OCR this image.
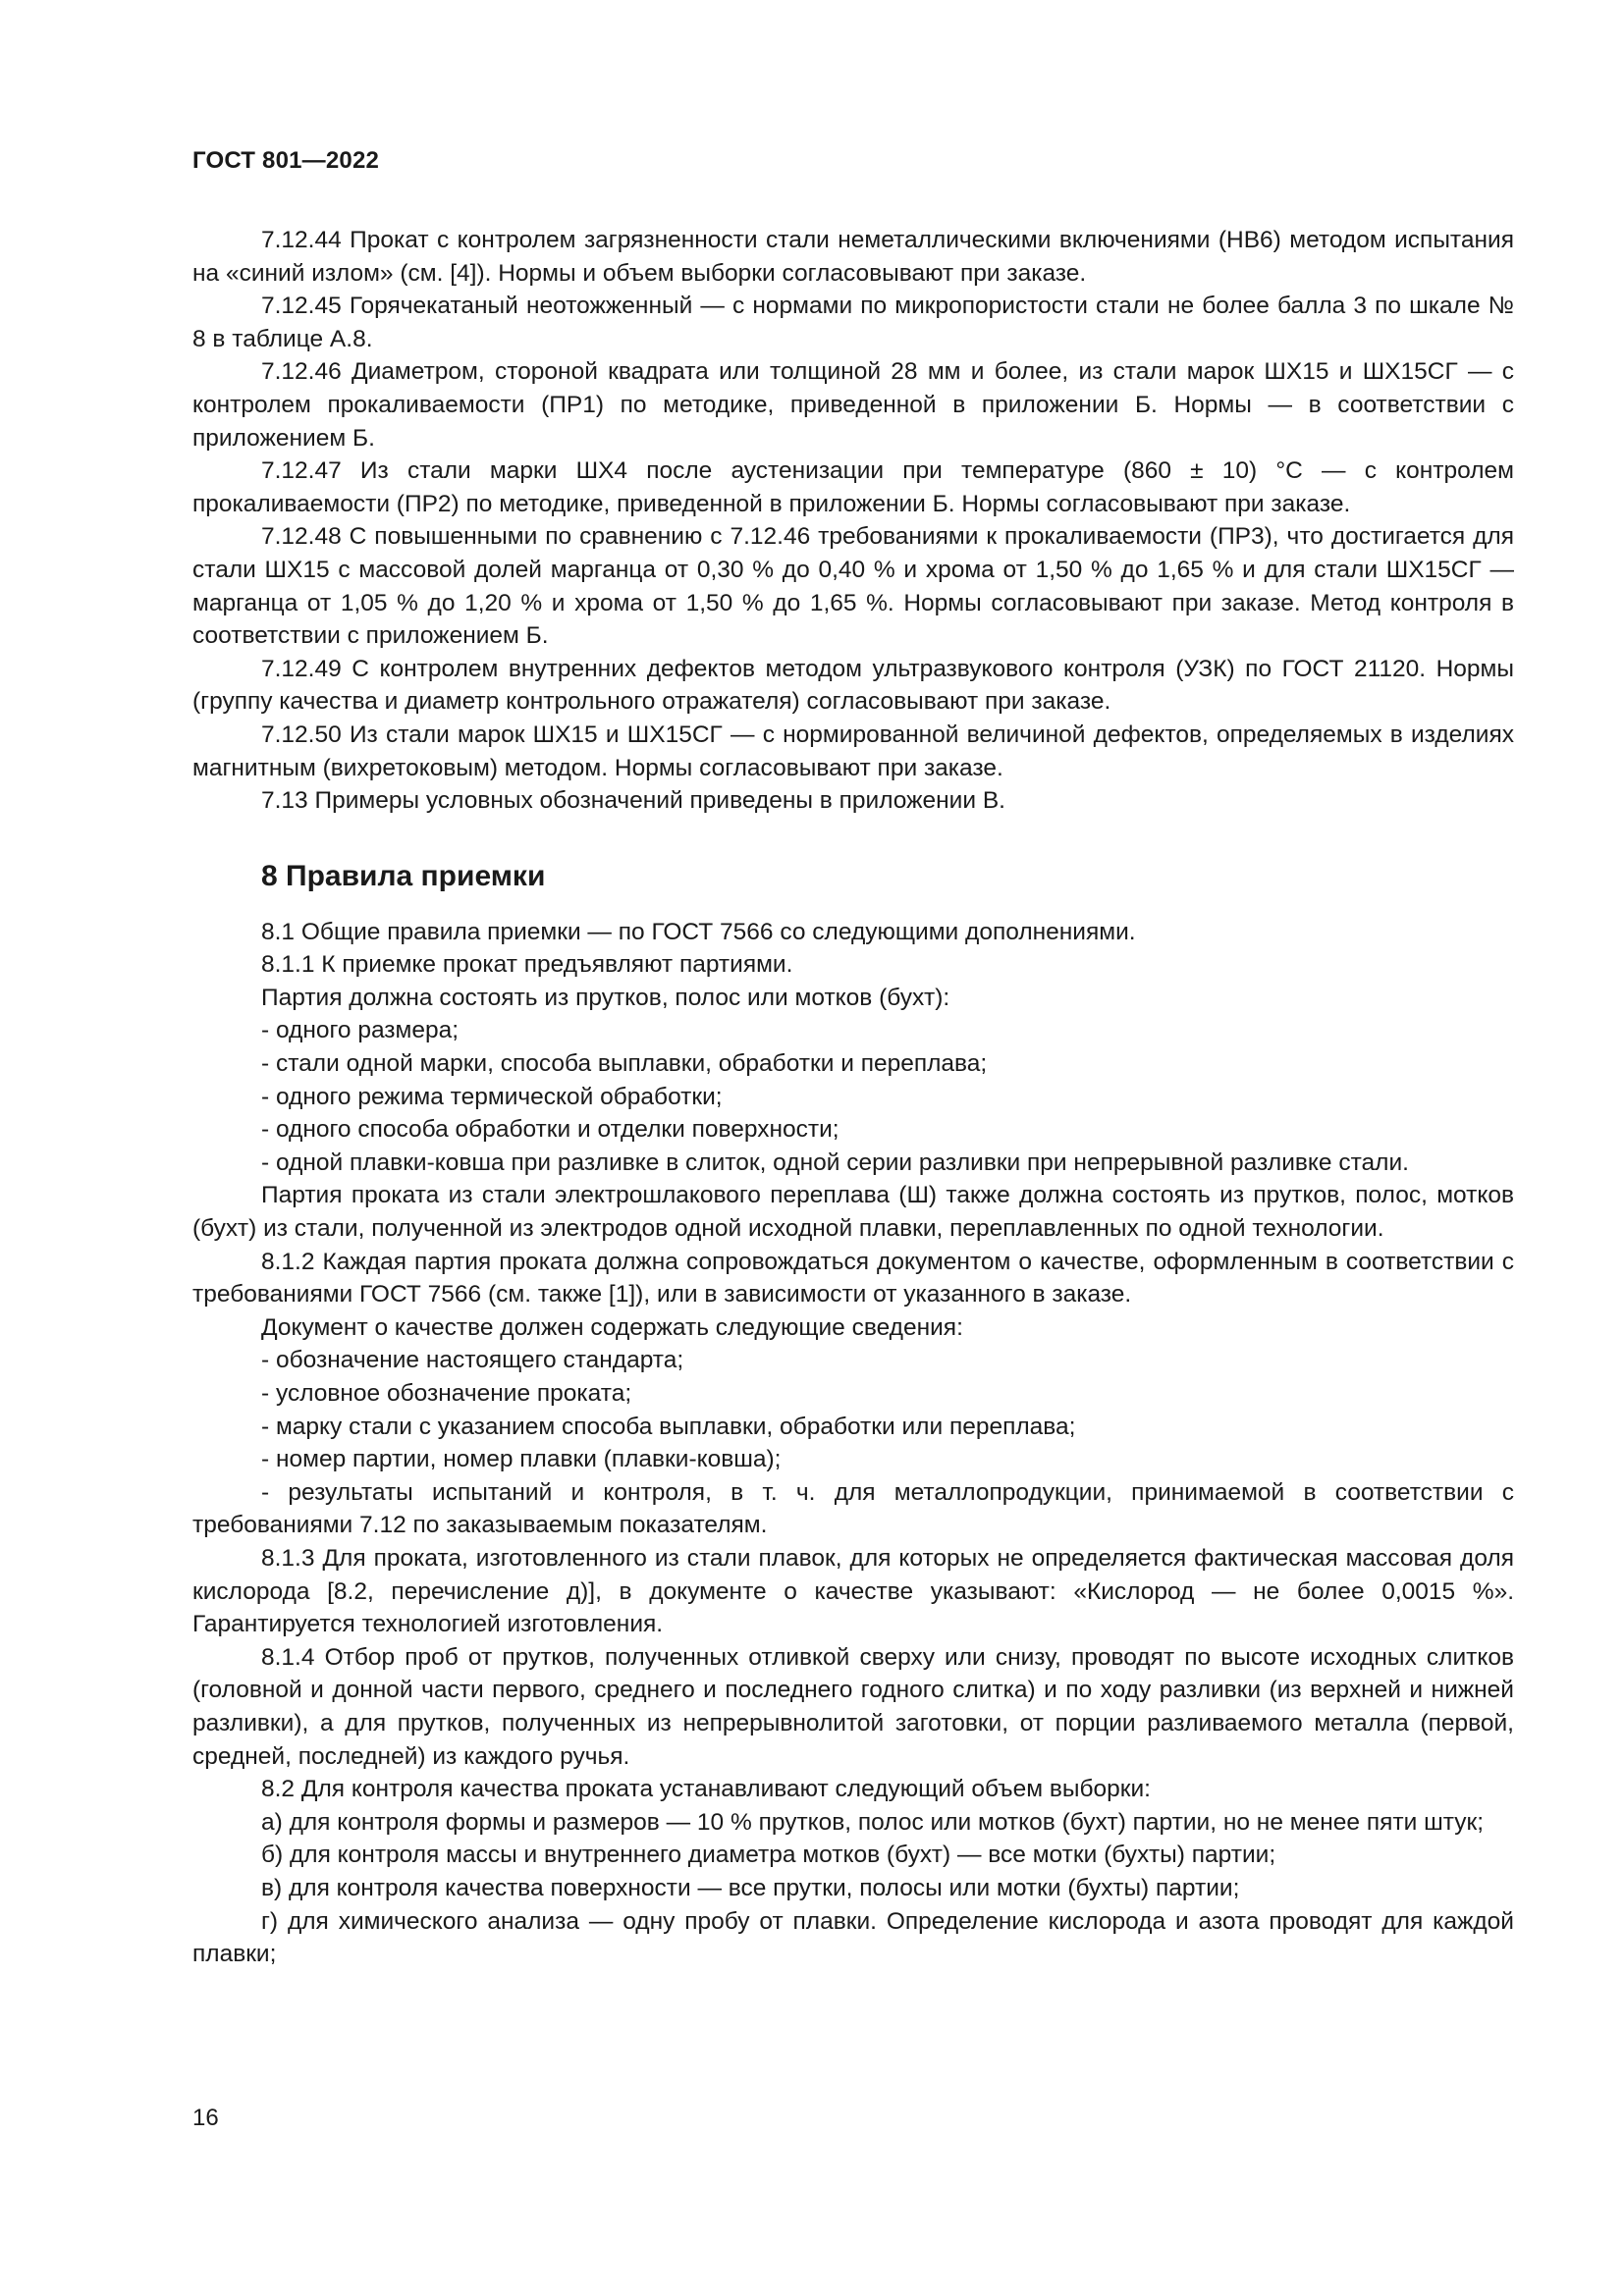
ГОСТ 801—2022

7.12.44 Прокат с контролем загрязненности стали неметаллическими включениями (НВ6) методом испытания на «синий излом» (см. [4]). Нормы и объем выборки согласовывают при заказе.

7.12.45 Горячекатаный неотожженный — с нормами по микропористости стали не более балла 3 по шкале № 8 в таблице А.8.

7.12.46 Диаметром, стороной квадрата или толщиной 28 мм и более, из стали марок ШХ15 и ШХ15СГ — с контролем прокаливаемости (ПР1) по методике, приведенной в приложении Б. Нормы — в соответствии с приложением Б.

7.12.47 Из стали марки ШХ4 после аустенизации при температуре (860 ± 10) °С — с контролем прокаливаемости (ПР2) по методике, приведенной в приложении Б. Нормы согласовывают при заказе.

7.12.48 С повышенными по сравнению с 7.12.46 требованиями к прокаливаемости (ПР3), что достигается для стали ШХ15 с массовой долей марганца от 0,30 % до 0,40 % и хрома от 1,50 % до 1,65 % и для стали ШХ15СГ — марганца от 1,05 % до 1,20 % и хрома от 1,50 % до 1,65 %. Нормы согласовывают при заказе. Метод контроля в соответствии с приложением Б.

7.12.49 С контролем внутренних дефектов методом ультразвукового контроля (УЗК) по ГОСТ 21120. Нормы (группу качества и диаметр контрольного отражателя) согласовывают при заказе.

7.12.50 Из стали марок ШХ15 и ШХ15СГ — с нормированной величиной дефектов, определяемых в изделиях магнитным (вихретоковым) методом. Нормы согласовывают при заказе.

7.13 Примеры условных обозначений приведены в приложении В.

8 Правила приемки

8.1 Общие правила приемки — по ГОСТ 7566 со следующими дополнениями.

8.1.1 К приемке прокат предъявляют партиями.

Партия должна состоять из прутков, полос или мотков (бухт):

- одного размера;

- стали одной марки, способа выплавки, обработки и переплава;

- одного режима термической обработки;

- одного способа обработки и отделки поверхности;

- одной плавки-ковша при разливке в слиток, одной серии разливки при непрерывной разливке стали.

Партия проката из стали электрошлакового переплава (Ш) также должна состоять из прутков, полос, мотков (бухт) из стали, полученной из электродов одной исходной плавки, переплавленных по одной технологии.

8.1.2 Каждая партия проката должна сопровождаться документом о качестве, оформленным в соответствии с требованиями ГОСТ 7566 (см. также [1]), или в зависимости от указанного в заказе.

Документ о качестве должен содержать следующие сведения:

- обозначение настоящего стандарта;

- условное обозначение проката;

- марку стали с указанием способа выплавки, обработки или переплава;

- номер партии, номер плавки (плавки-ковша);

- результаты испытаний и контроля, в т. ч. для металлопродукции, принимаемой в соответствии с требованиями 7.12 по заказываемым показателям.

8.1.3 Для проката, изготовленного из стали плавок, для которых не определяется фактическая массовая доля кислорода [8.2, перечисление д)], в документе о качестве указывают: «Кислород — не более 0,0015 %». Гарантируется технологией изготовления.

8.1.4 Отбор проб от прутков, полученных отливкой сверху или снизу, проводят по высоте исходных слитков (головной и донной части первого, среднего и последнего годного слитка) и по ходу разливки (из верхней и нижней разливки), а для прутков, полученных из непрерывнолитой заготовки, от порции разливаемого металла (первой, средней, последней) из каждого ручья.

8.2 Для контроля качества проката устанавливают следующий объем выборки:

а) для контроля формы и размеров — 10 % прутков, полос или мотков (бухт) партии, но не менее пяти штук;

б) для контроля массы и внутреннего диаметра мотков (бухт) — все мотки (бухты) партии;

в) для контроля качества поверхности — все прутки, полосы или мотки (бухты) партии;

г) для химического анализа — одну пробу от плавки. Определение кислорода и азота проводят для каждой плавки;

16
